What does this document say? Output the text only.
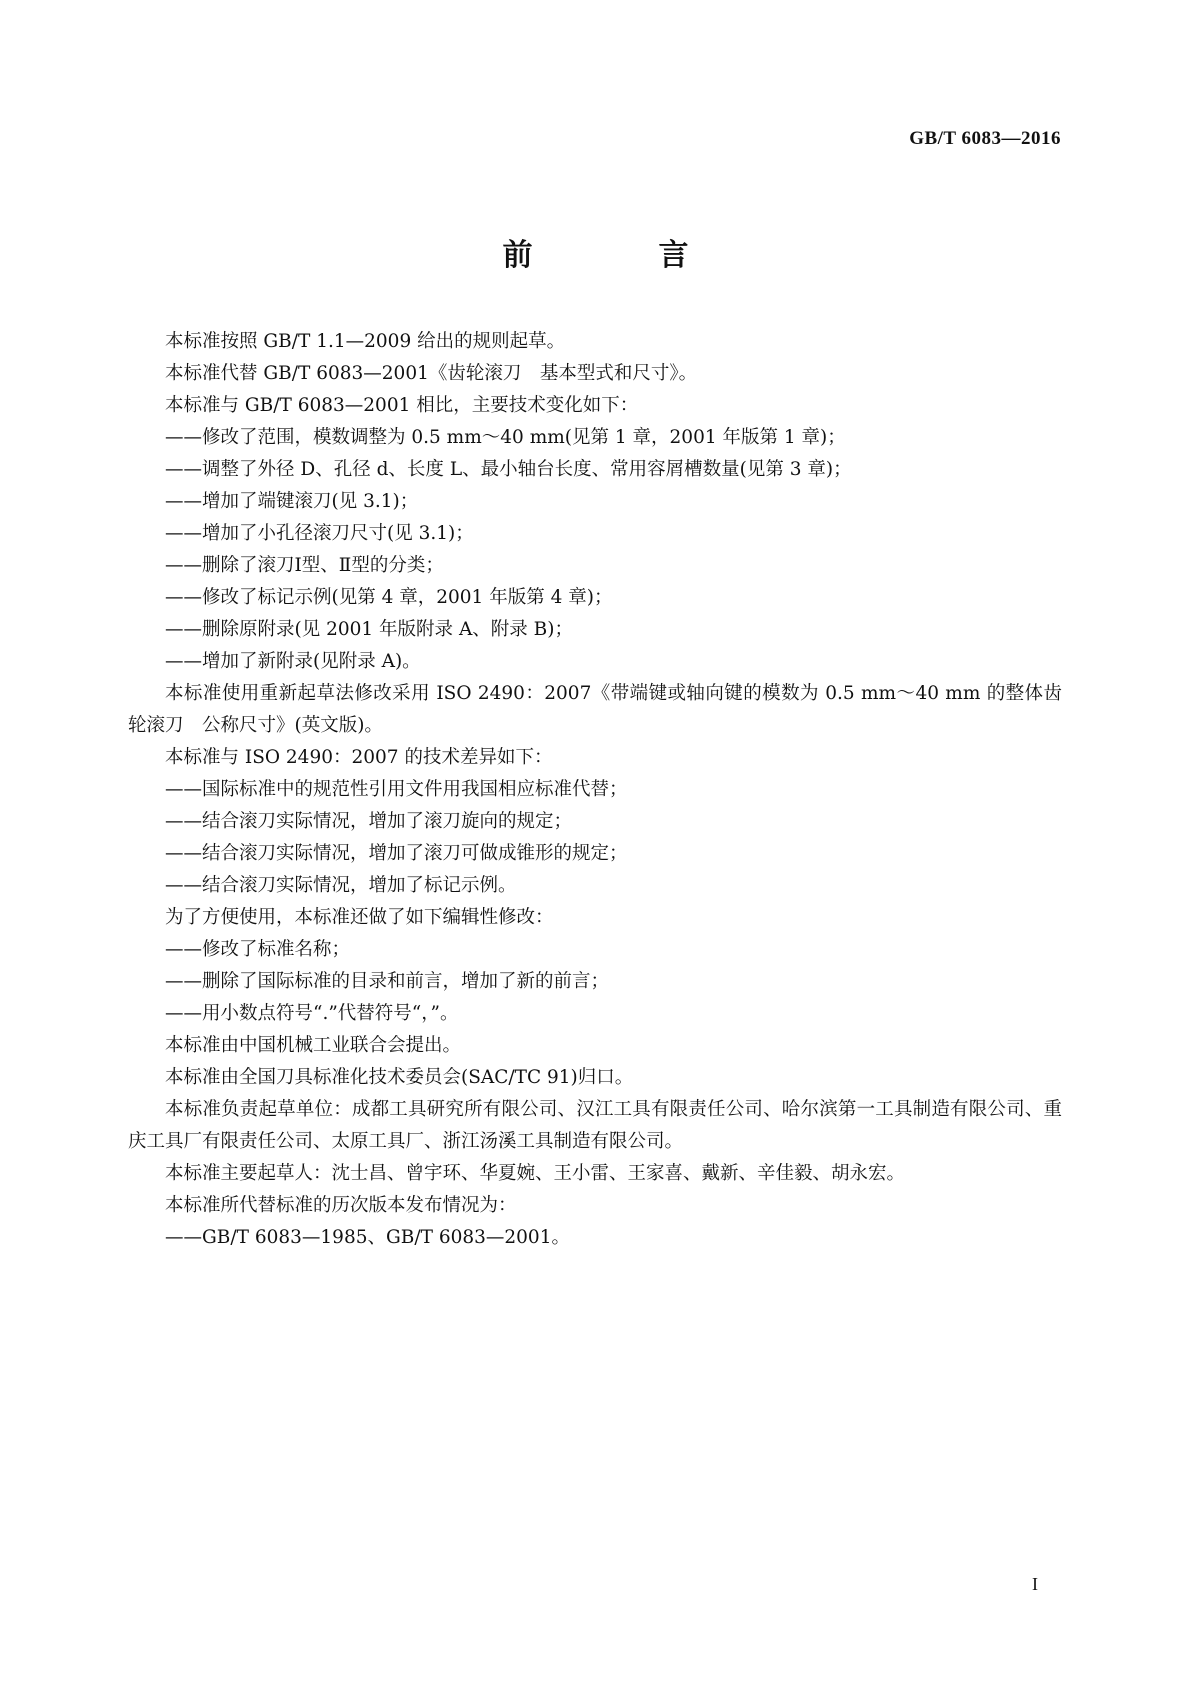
GB/T 6083—2016
前　言

本标准按照 GB/T 1.1—2009 给出的规则起草。

本标准代替 GB/T 6083—2001《齿轮滚刀　基本型式和尺寸》。

本标准与 GB/T 6083—2001 相比，主要技术变化如下：

——修改了范围，模数调整为 0.5 mm～40 mm(见第 1 章，2001 年版第 1 章)；

——调整了外径 D、孔径 d、长度 L、最小轴台长度、常用容屑槽数量(见第 3 章)；

——增加了端键滚刀(见 3.1)；

——增加了小孔径滚刀尺寸(见 3.1)；

——删除了滚刀Ⅰ型、Ⅱ型的分类；

——修改了标记示例(见第 4 章，2001 年版第 4 章)；

——删除原附录(见 2001 年版附录 A、附录 B)；

——增加了新附录(见附录 A)。

本标准使用重新起草法修改采用 ISO 2490：2007《带端键或轴向键的模数为 0.5 mm～40 mm 的整体齿轮滚刀　公称尺寸》(英文版)。

本标准与 ISO 2490：2007 的技术差异如下：

——国际标准中的规范性引用文件用我国相应标准代替；

——结合滚刀实际情况，增加了滚刀旋向的规定；

——结合滚刀实际情况，增加了滚刀可做成锥形的规定；

——结合滚刀实际情况，增加了标记示例。

为了方便使用，本标准还做了如下编辑性修改：

——修改了标准名称；

——删除了国际标准的目录和前言，增加了新的前言；

——用小数点符号“.”代替符号“，”。

本标准由中国机械工业联合会提出。

本标准由全国刀具标准化技术委员会(SAC/TC 91)归口。

本标准负责起草单位：成都工具研究所有限公司、汉江工具有限责任公司、哈尔滨第一工具制造有限公司、重庆工具厂有限责任公司、太原工具厂、浙江汤溪工具制造有限公司。

本标准主要起草人：沈士昌、曾宇环、华夏婉、王小雷、王家喜、戴新、辛佳毅、胡永宏。

本标准所代替标准的历次版本发布情况为：

——GB/T 6083—1985、GB/T 6083—2001。

I
